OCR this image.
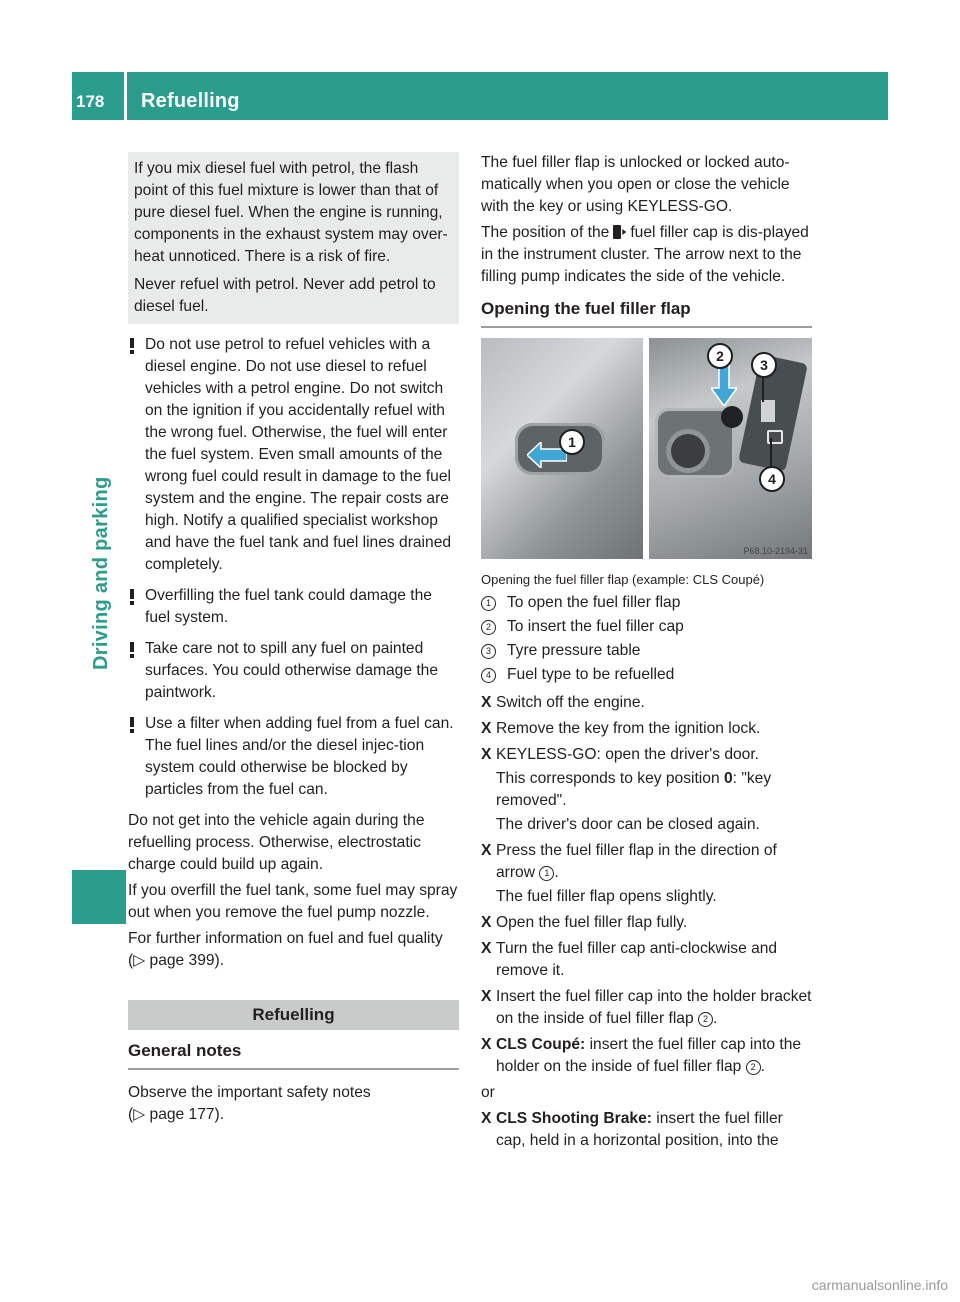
178 Refuelling
Driving and parking

If you mix diesel fuel with petrol, the flash point of this fuel mixture is lower than that of pure diesel fuel. When the engine is running, components in the exhaust system may over-heat unnoticed. There is a risk of fire.

Never refuel with petrol. Never add petrol to diesel fuel.

Do not use petrol to refuel vehicles with a diesel engine. Do not use diesel to refuel vehicles with a petrol engine. Do not switch on the ignition if you accidentally refuel with the wrong fuel. Otherwise, the fuel will enter the fuel system. Even small amounts of the wrong fuel could result in damage to the fuel system and the engine. The repair costs are high. Notify a qualified specialist workshop and have the fuel tank and fuel lines drained completely.
Overfilling the fuel tank could damage the fuel system.
Take care not to spill any fuel on painted surfaces. You could otherwise damage the paintwork.
Use a filter when adding fuel from a fuel can. The fuel lines and/or the diesel injec-tion system could otherwise be blocked by particles from the fuel can.

Do not get into the vehicle again during the refuelling process. Otherwise, electrostatic charge could build up again.

If you overfill the fuel tank, some fuel may spray out when you remove the fuel pump nozzle.

For further information on fuel and fuel quality (▷ page 399).

Refuelling
General notes

Observe the important safety notes
(▷ page 177).

The fuel filler flap is unlocked or locked auto-matically when you open or close the vehicle with the key or using KEYLESS-GO.

The position of the fuel filler cap is dis-played in the instrument cluster. The arrow next to the filling pump indicates the side of the vehicle.

Opening the fuel filler flap
1
2
3
4
P68.10-2194-31
Opening the fuel filler flap (example: CLS Coupé)
1	To open the fuel filler flap
2	To insert the fuel filler cap
3	Tyre pressure table
4	Fuel type to be refuelled
X Switch off the engine.
X Remove the key from the ignition lock.
X KEYLESS-GO: open the driver's door.
This corresponds to key position 0: "key removed".
The driver's door can be closed again.
X Press the fuel filler flap in the direction of arrow 1 .
The fuel filler flap opens slightly.
X Open the fuel filler flap fully.
X Turn the fuel filler cap anti-clockwise and remove it.
X Insert the fuel filler cap into the holder bracket on the inside of fuel filler flap 2 .
X CLS Coupé: insert the fuel filler cap into the holder on the inside of fuel filler flap 2 .

or

X CLS Shooting Brake: insert the fuel filler cap, held in a horizontal position, into the
carmanualsonline.info
